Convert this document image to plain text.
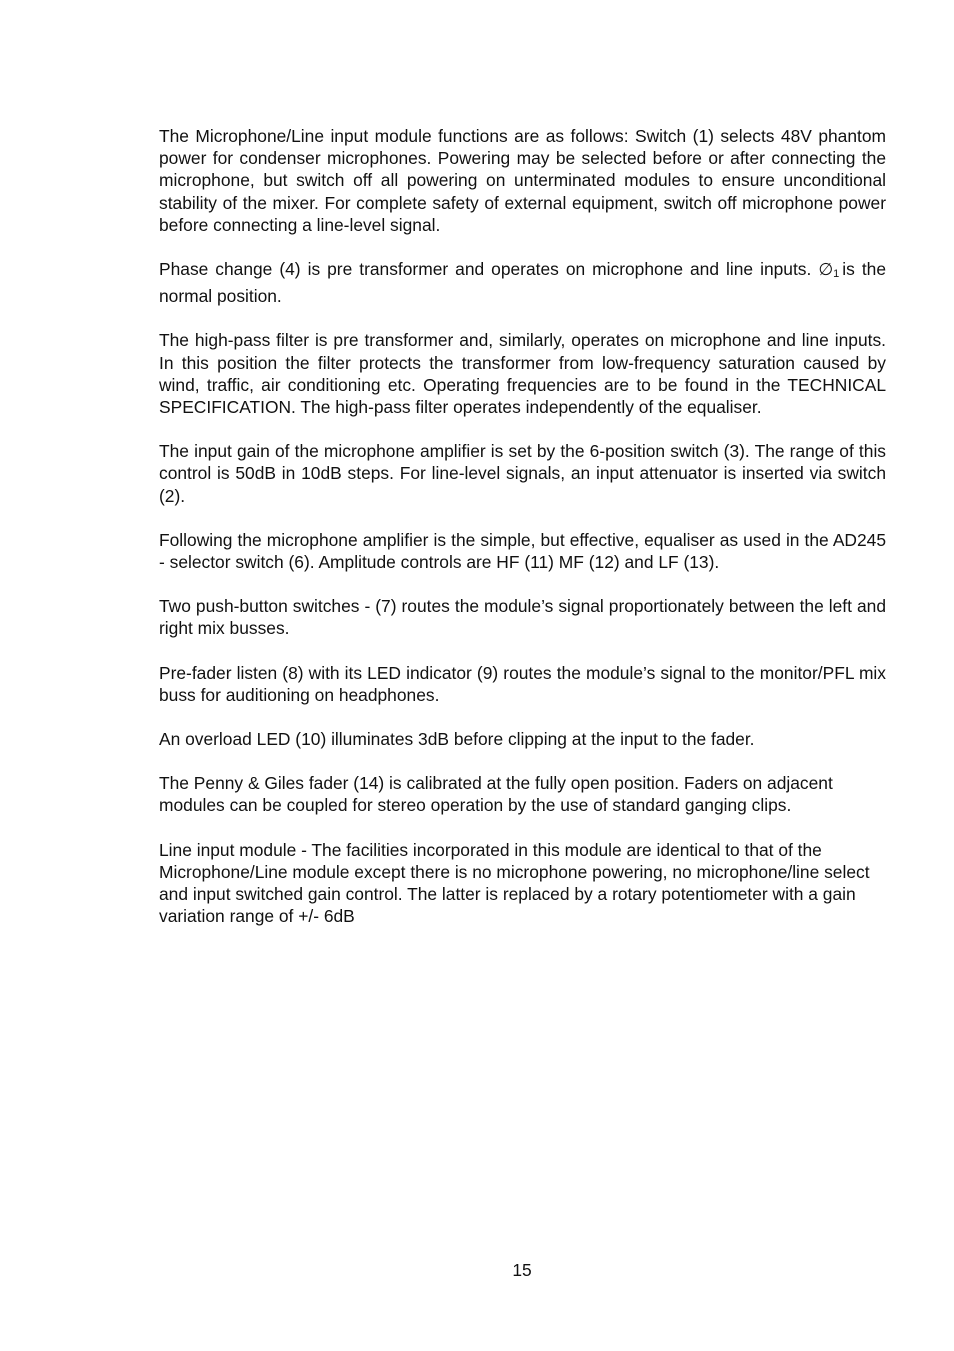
The Microphone/Line input module functions are as follows: Switch (1) selects 48V phantom power for condenser microphones. Powering may be selected before or after connecting the microphone, but switch off all powering on unterminated modules to ensure unconditional stability of the mixer. For complete safety of external equipment, switch off microphone power before connecting a line-level signal.

Phase change (4) is pre transformer and operates on microphone and line inputs. ∅1 is the normal position.

The high-pass filter is pre transformer and, similarly, operates on microphone and line inputs. In this position the filter protects the transformer from low-frequency saturation caused by wind, traffic, air conditioning etc. Operating frequencies are to be found in the TECHNICAL SPECIFICATION. The high-pass filter operates independently of the equaliser.

The input gain of the microphone amplifier is set by the 6-position switch (3). The range of this control is 50dB in 10dB steps. For line-level signals, an input attenuator is inserted via switch (2).

Following the microphone amplifier is the simple, but effective, equaliser as used in the AD245 - selector switch (6). Amplitude controls are HF (11) MF (12) and LF (13).

Two push-button switches - (7) routes the module’s signal proportionately between the left and right mix busses.

Pre-fader listen (8) with its LED indicator (9) routes the module’s signal to the monitor/PFL mix buss for auditioning on headphones.

An overload LED (10) illuminates 3dB before clipping at the input to the fader.

The Penny & Giles fader (14) is calibrated at the fully open position. Faders on adjacent modules can be coupled for stereo operation by the use of standard ganging clips.

Line input module - The facilities incorporated in this module are identical to that of the Microphone/Line module except there is no microphone powering, no microphone/line select and input switched gain control. The latter is replaced by a rotary potentiometer with a gain variation range of +/- 6dB

15
